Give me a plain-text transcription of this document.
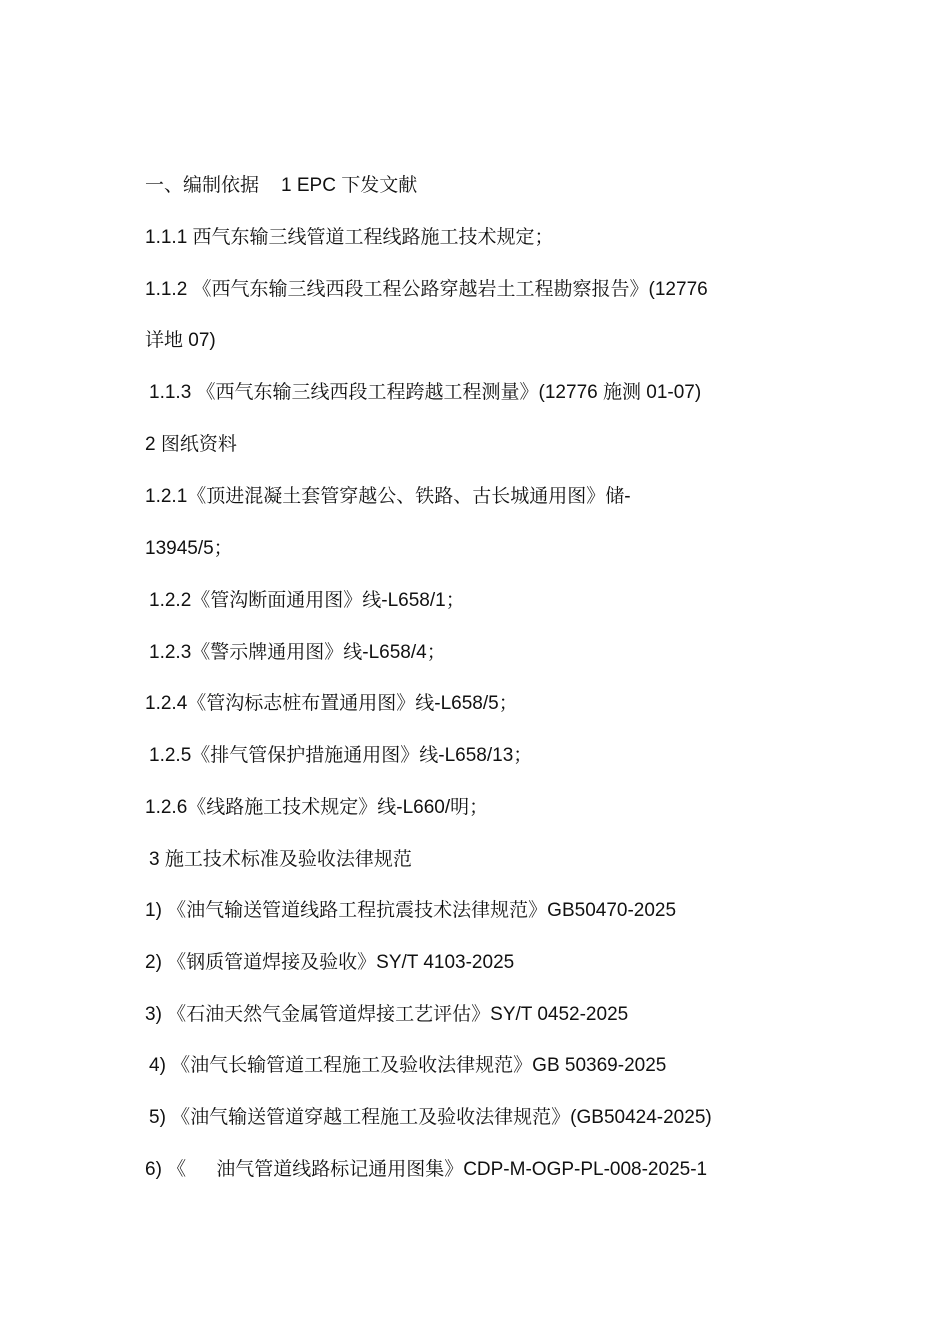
一、编制依据 1 EPC 下发文献
1.1.1 西气东输三线管道工程线路施工技术规定；
1.1.2 《西气东输三线西段工程公路穿越岩土工程勘察报告》(12776
详地 07)
1.1.3 《西气东输三线西段工程跨越工程测量》(12776 施测 01-07)
2 图纸资料
1.2.1《顶进混凝土套管穿越公、铁路、古长城通用图》储-
13945/5；
1.2.2《管沟断面通用图》线-L658/1；
1.2.3《警示牌通用图》线-L658/4；
1.2.4《管沟标志桩布置通用图》线-L658/5；
1.2.5《排气管保护措施通用图》线-L658/13；
1.2.6《线路施工技术规定》线-L660/明；
3 施工技术标准及验收法律规范
1) 《油气输送管道线路工程抗震技术法律规范》GB50470-2025
2) 《钢质管道焊接及验收》SY/T 4103-2025
3) 《石油天然气金属管道焊接工艺评估》SY/T 0452-2025
4) 《油气长输管道工程施工及验收法律规范》GB 50369-2025
5) 《油气输送管道穿越工程施工及验收法律规范》(GB50424-2025)
6) 《 油气管道线路标记通用图集》CDP-M-OGP-PL-008-2025-1
